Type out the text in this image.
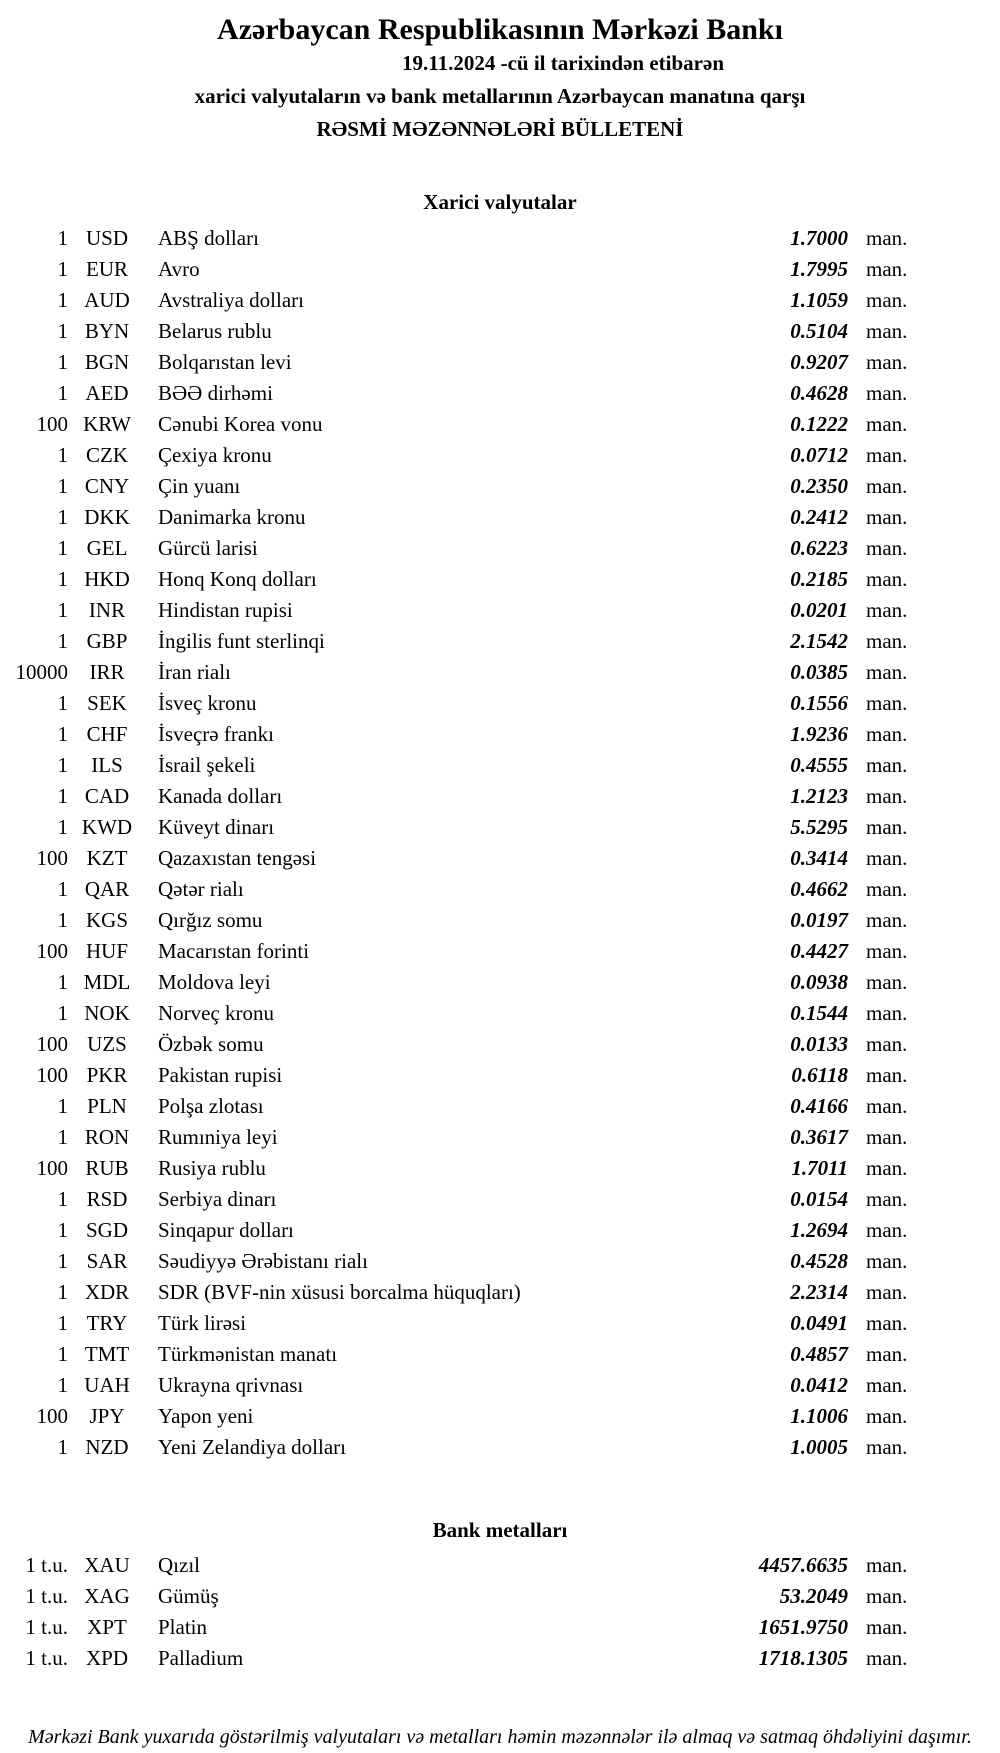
Azərbaycan Respublikasının Mərkəzi Bankı
19.11.2024 -cü il tarixindən etibarən
xarici valyutaların və bank metallarının Azərbaycan manatına qarşı
RƏSMİ MƏZƏNNƏLƏRİ BÜLLETENİ
Xarici valyutalar
1 USD	ABŞ dolları	1.7000 man.
1 EUR	Avro	1.7995 man.
1 AUD	Avstraliya dolları	1.1059 man.
1 BYN	Belarus rublu	0.5104 man.
1 BGN	Bolqarıstan levi	0.9207 man.
1 AED	BƏƏ dirhəmi	0.4628 man.
100 KRW	Cənubi Korea vonu	0.1222 man.
1 CZK	Çexiya kronu	0.0712 man.
1 CNY	Çin yuanı	0.2350 man.
1 DKK	Danimarka kronu	0.2412 man.
1 GEL	Gürcü larisi	0.6223 man.
1 HKD	Honq Konq dolları	0.2185 man.
1 INR	Hindistan rupisi	0.0201 man.
1 GBP	İngilis funt sterlinqi	2.1542 man.
10000	IRR	İran rialı	0.0385 man.
1 SEK	İsveç kronu	0.1556 man.
1 CHF	İsveçrə frankı	1.9236 man.
1	ILS	İsrail şekeli	0.4555 man.
1 CAD	Kanada dolları	1.2123 man.
1 KWD	Küveyt dinarı	5.5295 man.
100 KZT	Qazaxıstan tengəsi	0.3414 man.
1 QAR	Qətər rialı	0.4662 man.
1 KGS	Qırğız somu	0.0197 man.
100 HUF	Macarıstan forinti	0.4427 man.
1 MDL	Moldova leyi	0.0938 man.
1 NOK	Norveç kronu	0.1544 man.
100 UZS	Özbək somu	0.0133 man.
100 PKR	Pakistan rupisi	0.6118 man.
1 PLN	Polşa zlotası	0.4166 man.
1 RON	Rumıniya leyi	0.3617 man.
100 RUB	Rusiya rublu	1.7011 man.
1 RSD	Serbiya dinarı	0.0154 man.
1 SGD	Sinqapur dolları	1.2694 man.
1 SAR	Səudiyyə Ərəbistanı rialı	0.4528 man.
1 XDR	SDR (BVF-nin xüsusi borcalma hüquqları)	2.2314 man.
1 TRY	Türk lirəsi	0.0491 man.
1 TMT	Türkmənistan manatı	0.4857 man.
1 UAH	Ukrayna qrivnası	0.0412 man.
100	JPY	Yapon yeni	1.1006 man.
1 NZD	Yeni Zelandiya dolları	1.0005 man.
Bank metalları
1 t.u. XAU	Qızıl	4457.6635 man.
1 t.u. XAG	Gümüş	53.2049 man.
1 t.u. XPT	Platin	1651.9750 man.
1 t.u. XPD	Palladium	1718.1305 man.
Mərkəzi Bank yuxarıda göstərilmiş valyutaları və metalları həmin məzənnələr ilə almaq və satmaq öhdəliyini daşımır.
